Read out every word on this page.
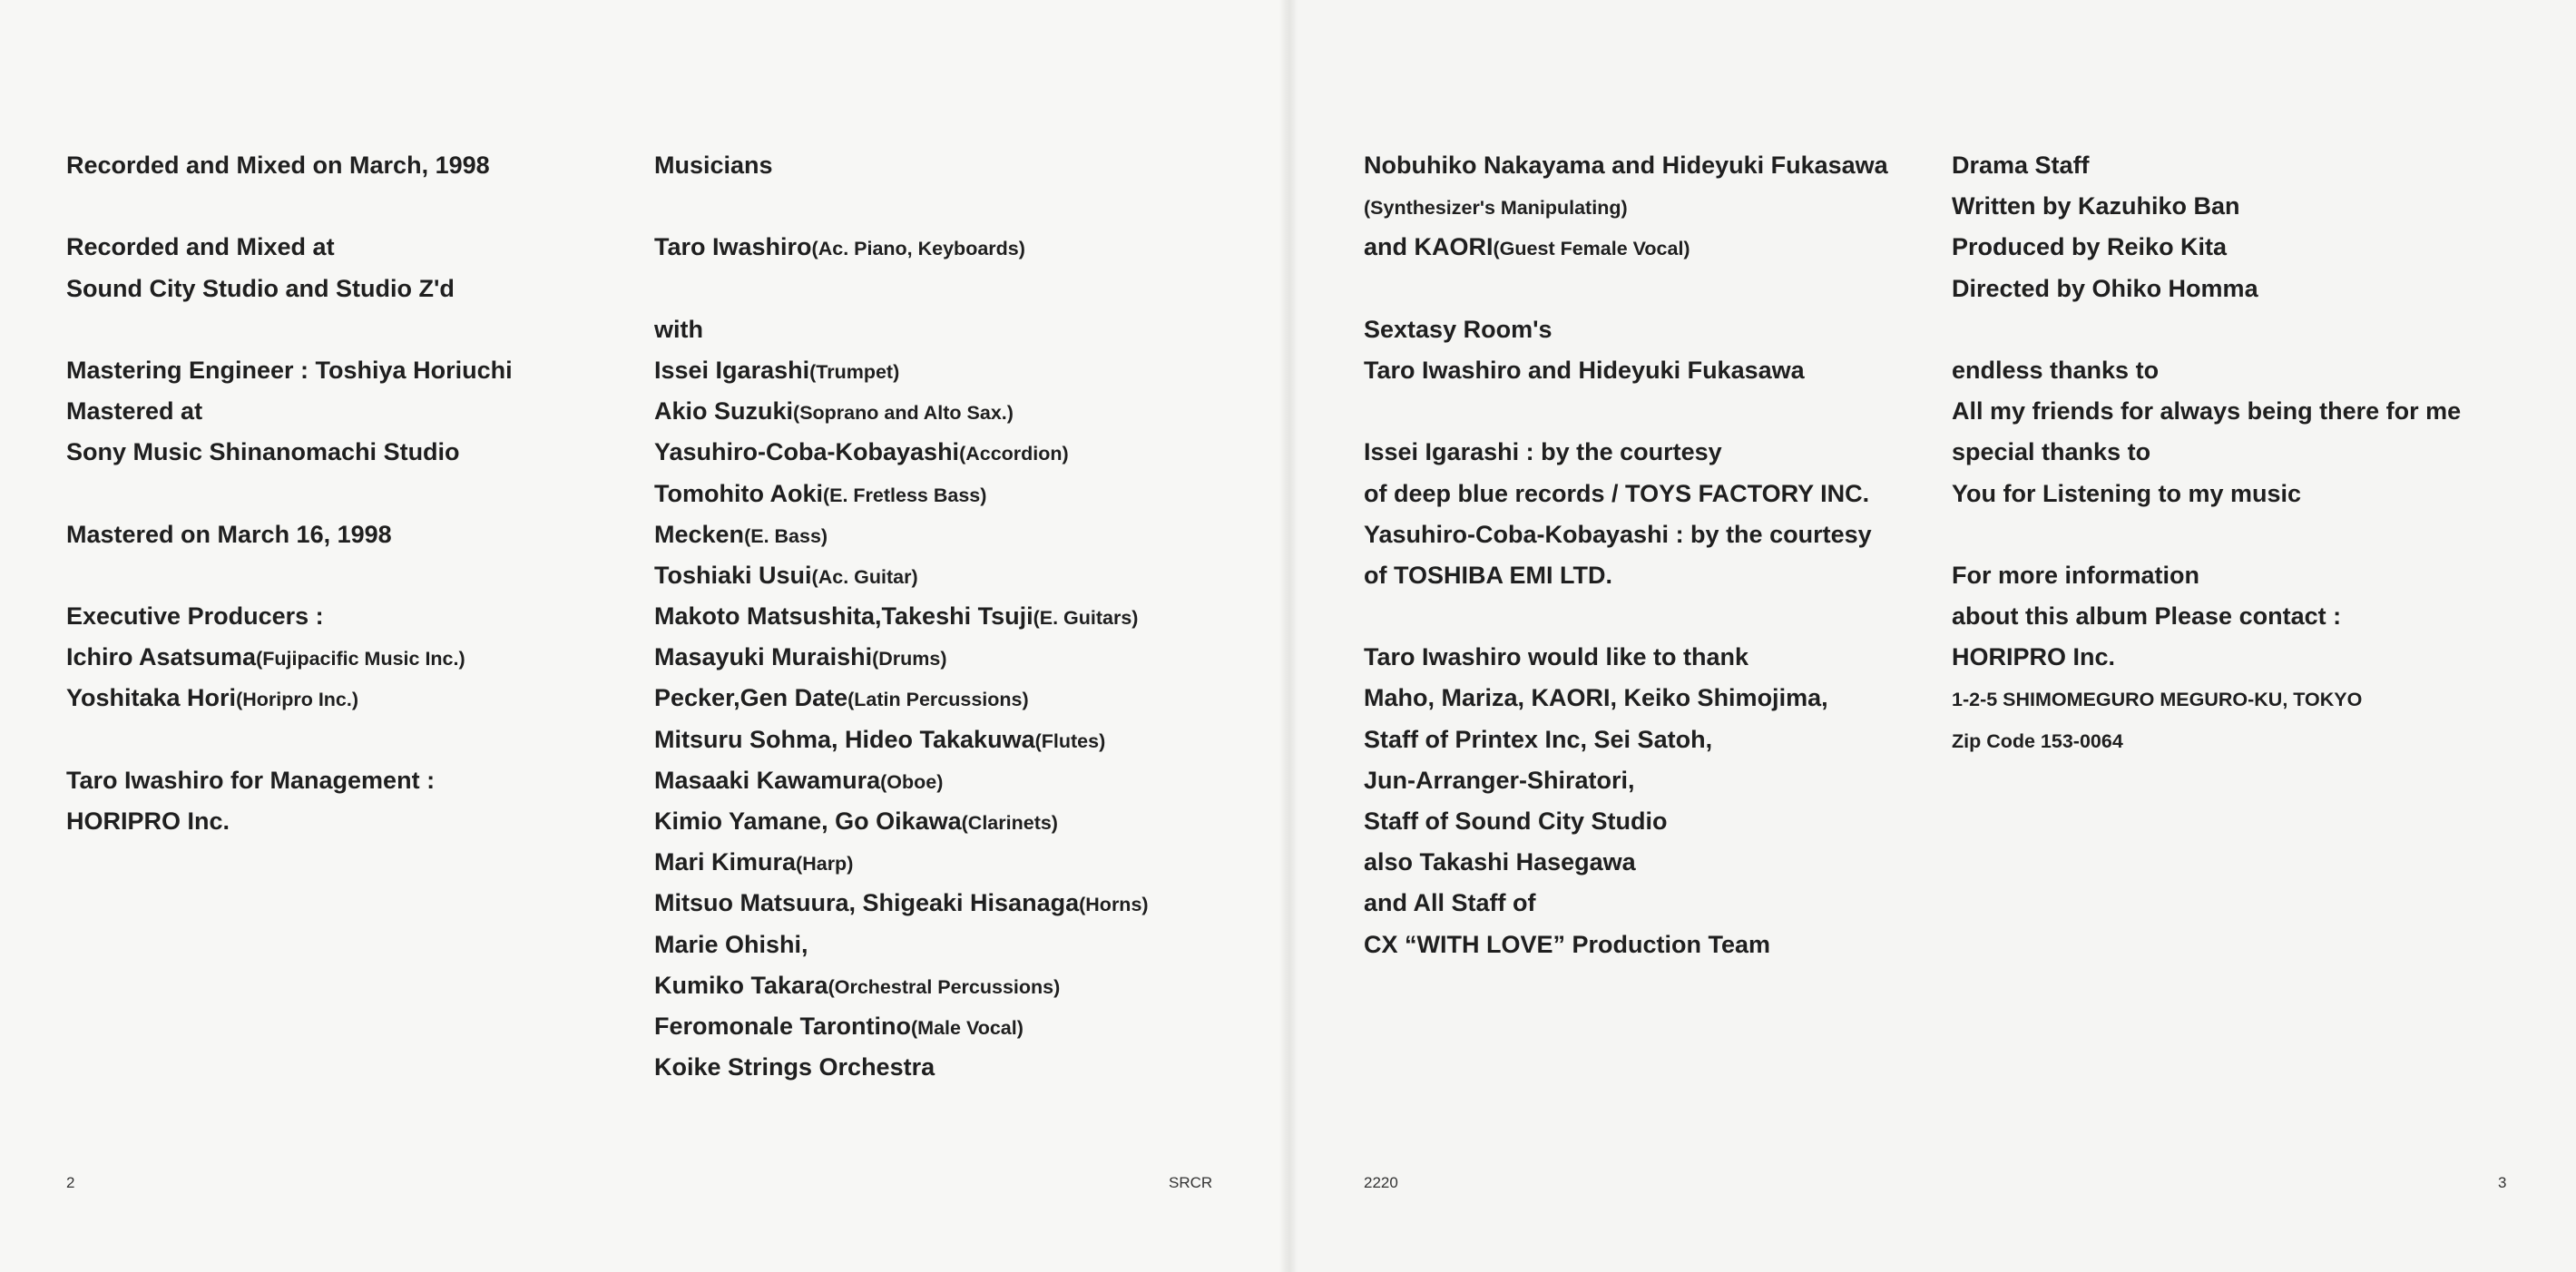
Recorded and Mixed on March, 1998
Recorded and Mixed at
Sound City Studio and Studio Z'd
Mastering Engineer : Toshiya Horiuchi
Mastered at
Sony Music Shinanomachi Studio
Mastered on March 16, 1998
Executive Producers :
Ichiro Asatsuma(Fujipacific Music Inc.)
Yoshitaka Hori(Horipro Inc.)
Taro Iwashiro for Management :
HORIPRO Inc.
Musicians
Taro Iwashiro(Ac. Piano, Keyboards)
with
Issei Igarashi(Trumpet)
Akio Suzuki(Soprano and Alto Sax.)
Yasuhiro-Coba-Kobayashi(Accordion)
Tomohito Aoki(E. Fretless Bass)
Mecken(E. Bass)
Toshiaki Usui(Ac. Guitar)
Makoto Matsushita,Takeshi Tsuji(E. Guitars)
Masayuki Muraishi(Drums)
Pecker,Gen Date(Latin Percussions)
Mitsuru Sohma, Hideo Takakuwa(Flutes)
Masaaki Kawamura(Oboe)
Kimio Yamane, Go Oikawa(Clarinets)
Mari Kimura(Harp)
Mitsuo Matsuura, Shigeaki Hisanaga(Horns)
Marie Ohishi,
Kumiko Takara(Orchestral Percussions)
Feromonale Tarontino(Male Vocal)
Koike Strings Orchestra
Nobuhiko Nakayama and Hideyuki Fukasawa
(Synthesizer's Manipulating)
and KAORI(Guest Female Vocal)
Sextasy Room's
Taro Iwashiro and Hideyuki Fukasawa
Issei Igarashi : by the courtesy
of deep blue records / TOYS FACTORY INC.
Yasuhiro-Coba-Kobayashi : by the courtesy
of TOSHIBA EMI LTD.
Taro Iwashiro would like to thank
Maho, Mariza, KAORI, Keiko Shimojima,
Staff of Printex Inc, Sei Satoh,
Jun-Arranger-Shiratori,
Staff of Sound City Studio
also Takashi Hasegawa
and All Staff of
CX “WITH LOVE” Production Team
Drama Staff
Written by Kazuhiko Ban
Produced by Reiko Kita
Directed by Ohiko Homma
endless thanks to
All my friends for always being there for me
special thanks to
You for Listening to my music
For more information
about this album Please contact :
HORIPRO Inc.
1-2-5 SHIMOMEGURO MEGURO-KU, TOKYO
Zip Code 153-0064
2	SRCR	2220	3
